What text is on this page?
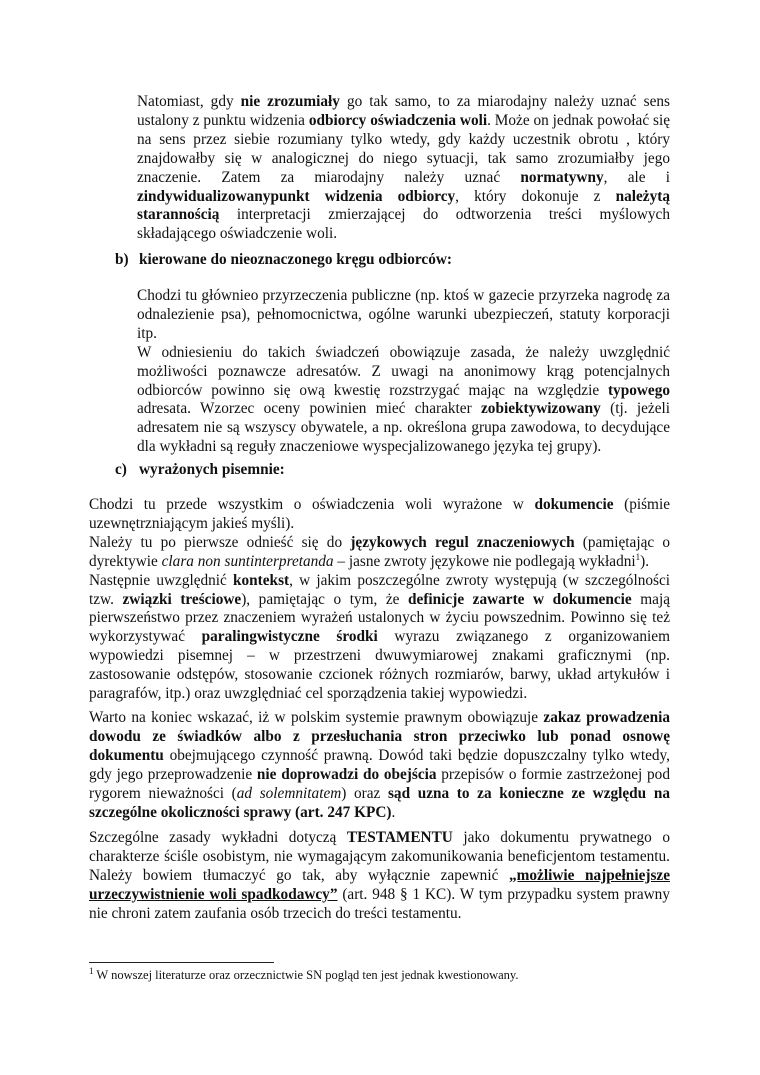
Natomiast, gdy nie zrozumiały go tak samo, to za miarodajny należy uznać sens ustalony z punktu widzenia odbiorcy oświadczenia woli. Może on jednak powołać się na sens przez siebie rozumiany tylko wtedy, gdy każdy uczestnik obrotu , który znajdowałby się w analogicznej do niego sytuacji, tak samo zrozumiałby jego znaczenie. Zatem za miarodajny należy uznać normatywny, ale i zindywidualizowanypunkt widzenia odbiorcy, który dokonuje z należytą starannością interpretacji zmierzającej do odtworzenia treści myślowych składającego oświadczenie woli.
b) kierowane do nieoznaczonego kręgu odbiorców:

Chodzi tu głównieo przyrzeczenia publiczne (np. ktoś w gazecie przyrzeka nagrodę za odnalezienie psa), pełnomocnictwa, ogólne warunki ubezpieczeń, statuty korporacji itp.

W odniesieniu do takich świadczeń obowiązuje zasada, że należy uwzględnić możliwości poznawcze adresatów. Z uwagi na anonimowy krąg potencjalnych odbiorców powinno się ową kwestię rozstrzygać mając na względzie typowego adresata. Wzorzec oceny powinien mieć charakter zobiektywizowany (tj. jeżeli adresatem nie są wszyscy obywatele, a np. określona grupa zawodowa, to decydujące dla wykładni są reguły znaczeniowe wyspecjalizowanego języka tej grupy).

c) wyrażonych pisemnie:

Chodzi tu przede wszystkim o oświadczenia woli wyrażone w dokumencie (piśmie uzewnętrzniającym jakieś myśli).

Należy tu po pierwsze odnieść się do językowych regul znaczeniowych (pamiętając o dyrektywie clara non suntinterpretanda – jasne zwroty językowe nie podlegają wykładni$^1$).

Następnie uwzględnić kontekst, w jakim poszczególne zwroty występują (w szczególności tzw. związki treściowe), pamiętając o tym, że definicje zawarte w dokumencie mają pierwszeństwo przez znaczeniem wyrażeń ustalonych w życiu powszednim. Powinno się też wykorzystywać paralingwistyczne środki wyrazu związanego z organizowaniem wypowiedzi pisemnej – w przestrzeni dwuwymiarowej znakami graficznymi (np. zastosowanie odstępów, stosowanie czcionek różnych rozmiarów, barwy, układ artykułów i paragrafów, itp.) oraz uwzględniać cel sporządzenia takiej wypowiedzi.

Warto na koniec wskazać, iż w polskim systemie prawnym obowiązuje zakaz prowadzenia dowodu ze świadków albo z przesłuchania stron przeciwko lub ponad osnowę dokumentu obejmującego czynność prawną. Dowód taki będzie dopuszczalny tylko wtedy, gdy jego przeprowadzenie nie doprowadzi do obejścia przepisów o formie zastrzeżonej pod rygorem nieważności (ad solemnitatem) oraz sąd uzna to za konieczne ze względu na szczególne okoliczności sprawy (art. 247 KPC).
Szczególne zasady wykładni dotyczą TESTAMENTU jako dokumentu prywatnego o charakterze ściśle osobistym, nie wymagającym zakomunikowania beneficjentom testamentu. Należy bowiem tłumaczyć go tak, aby wyłącznie zapewnić „możliwie najpełniejsze urzeczywistnienie woli spadkodawcy” (art. 948 § 1 KC). W tym przypadku system prawny nie chroni zatem zaufania osób trzecich do treści testamentu.

$^1$ W nowszej literaturze oraz orzecznictwie SN pogląd ten jest jednak kwestionowany.
